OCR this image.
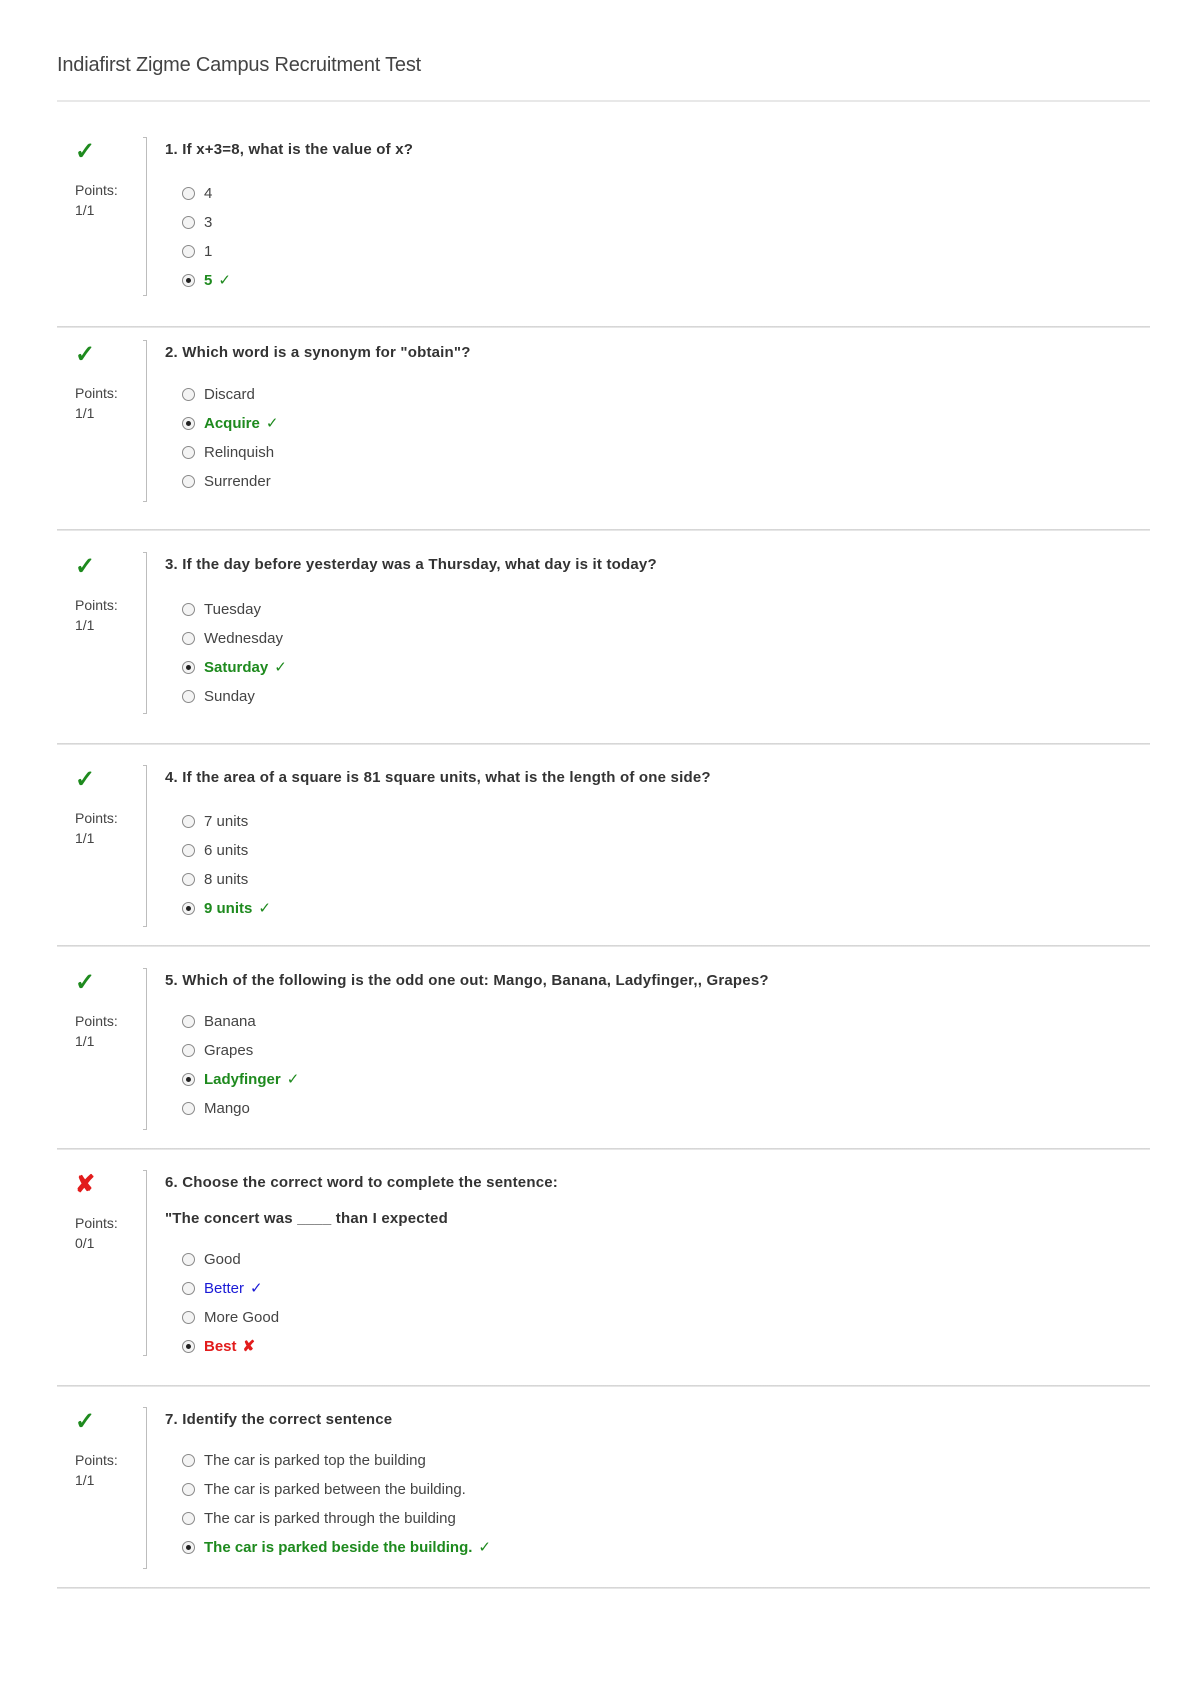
Indiafirst Zigme Campus Recruitment Test
✓
Points:
1/1
1. If x+3=8, what is the value of x?
4
3
1
5 ✓
✓
Points:
1/1
2. Which word is a synonym for "obtain"?
Discard
Acquire ✓
Relinquish
Surrender
✓
Points:
1/1
3. If the day before yesterday was a Thursday, what day is it today?
Tuesday
Wednesday
Saturday ✓
Sunday
✓
Points:
1/1
4. If the area of a square is 81 square units, what is the length of one side?
7 units
6 units
8 units
9 units ✓
✓
Points:
1/1
5. Which of the following is the odd one out: Mango, Banana, Ladyfinger,, Grapes?
Banana
Grapes
Ladyfinger ✓
Mango
✘
Points:
0/1
6. Choose the correct word to complete the sentence:
"The concert was ____ than I expected
Good
Better ✓
More Good
Best ✘
✓
Points:
1/1
7. Identify the correct sentence
The car is parked top the building
The car is parked between the building.
The car is parked through the building
The car is parked beside the building. ✓
